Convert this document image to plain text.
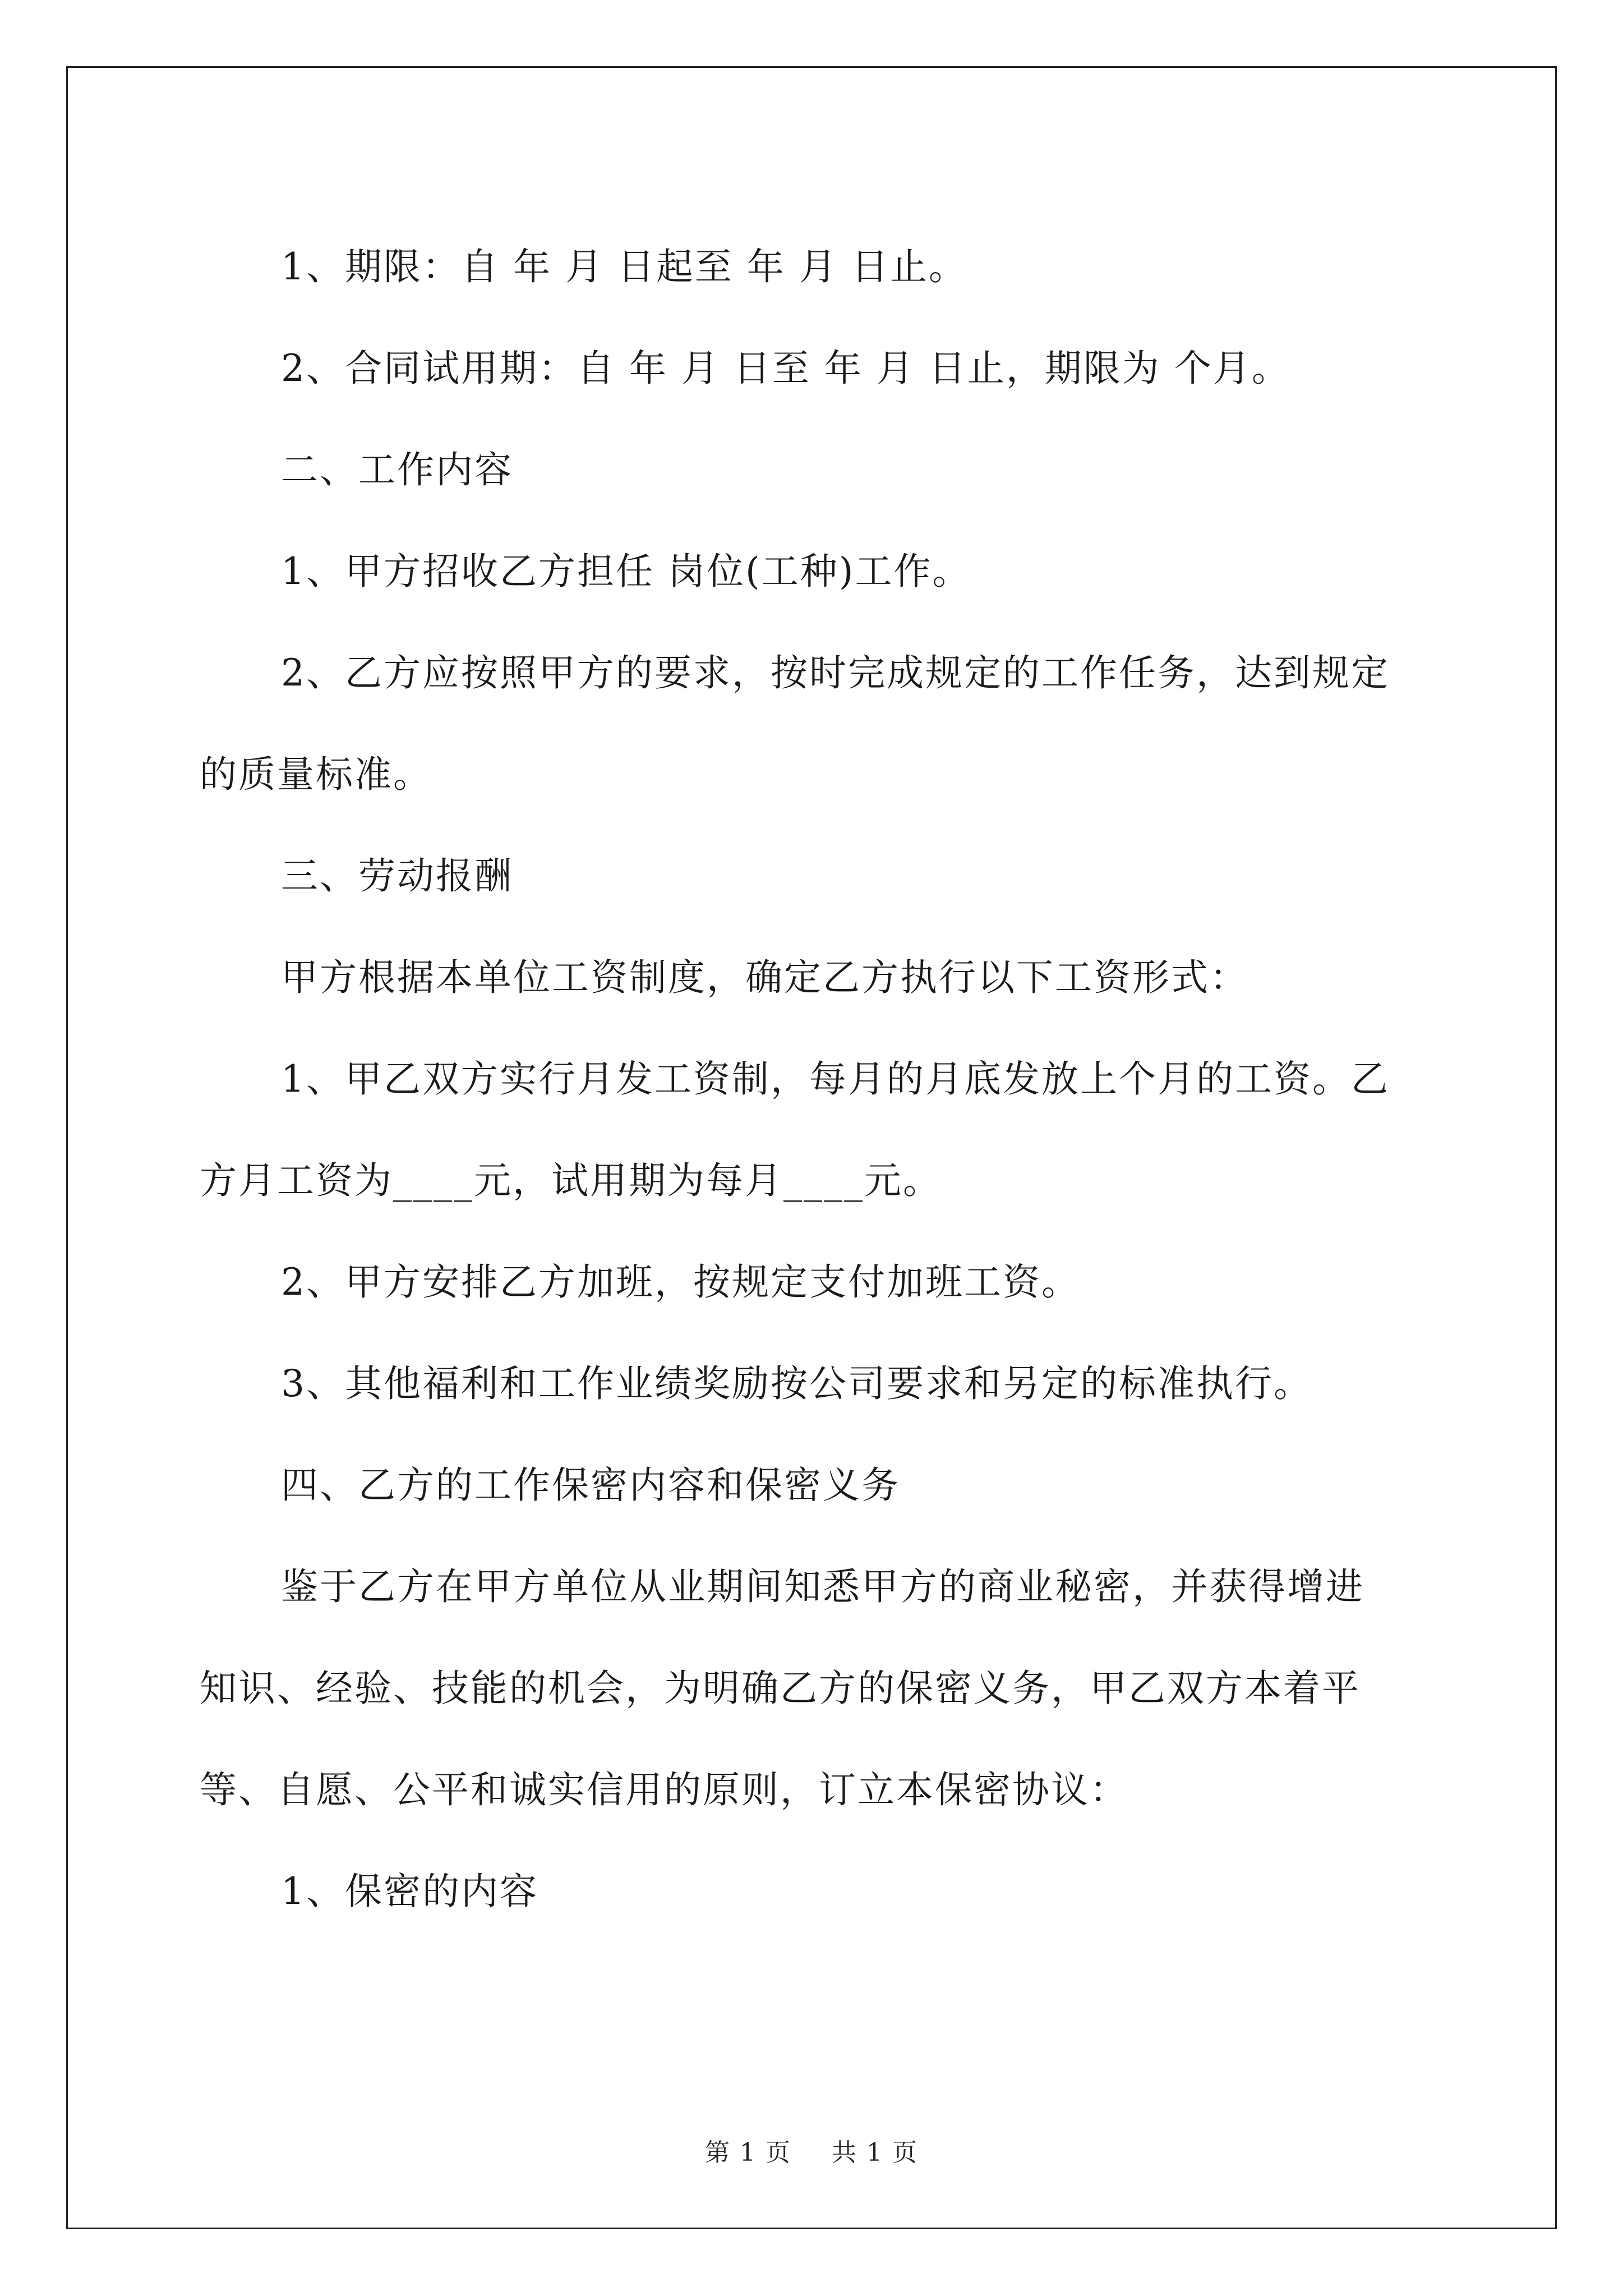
1、期限：自 年 月 日起至 年 月 日止。

2、合同试用期：自 年 月 日至 年 月 日止，期限为 个月。

二、工作内容

1、甲方招收乙方担任 岗位(工种)工作。

2、乙方应按照甲方的要求，按时完成规定的工作任务，达到规定

的质量标准。

三、劳动报酬

甲方根据本单位工资制度，确定乙方执行以下工资形式：

1、甲乙双方实行月发工资制，每月的月底发放上个月的工资。乙

方月工资为____元，试用期为每月____元。

2、甲方安排乙方加班，按规定支付加班工资。

3、其他福利和工作业绩奖励按公司要求和另定的标准执行。

四、乙方的工作保密内容和保密义务

鉴于乙方在甲方单位从业期间知悉甲方的商业秘密，并获得增进

知识、经验、技能的机会，为明确乙方的保密义务，甲乙双方本着平

等、自愿、公平和诚实信用的原则，订立本保密协议：

1、保密的内容

第 1 页 共 1 页
